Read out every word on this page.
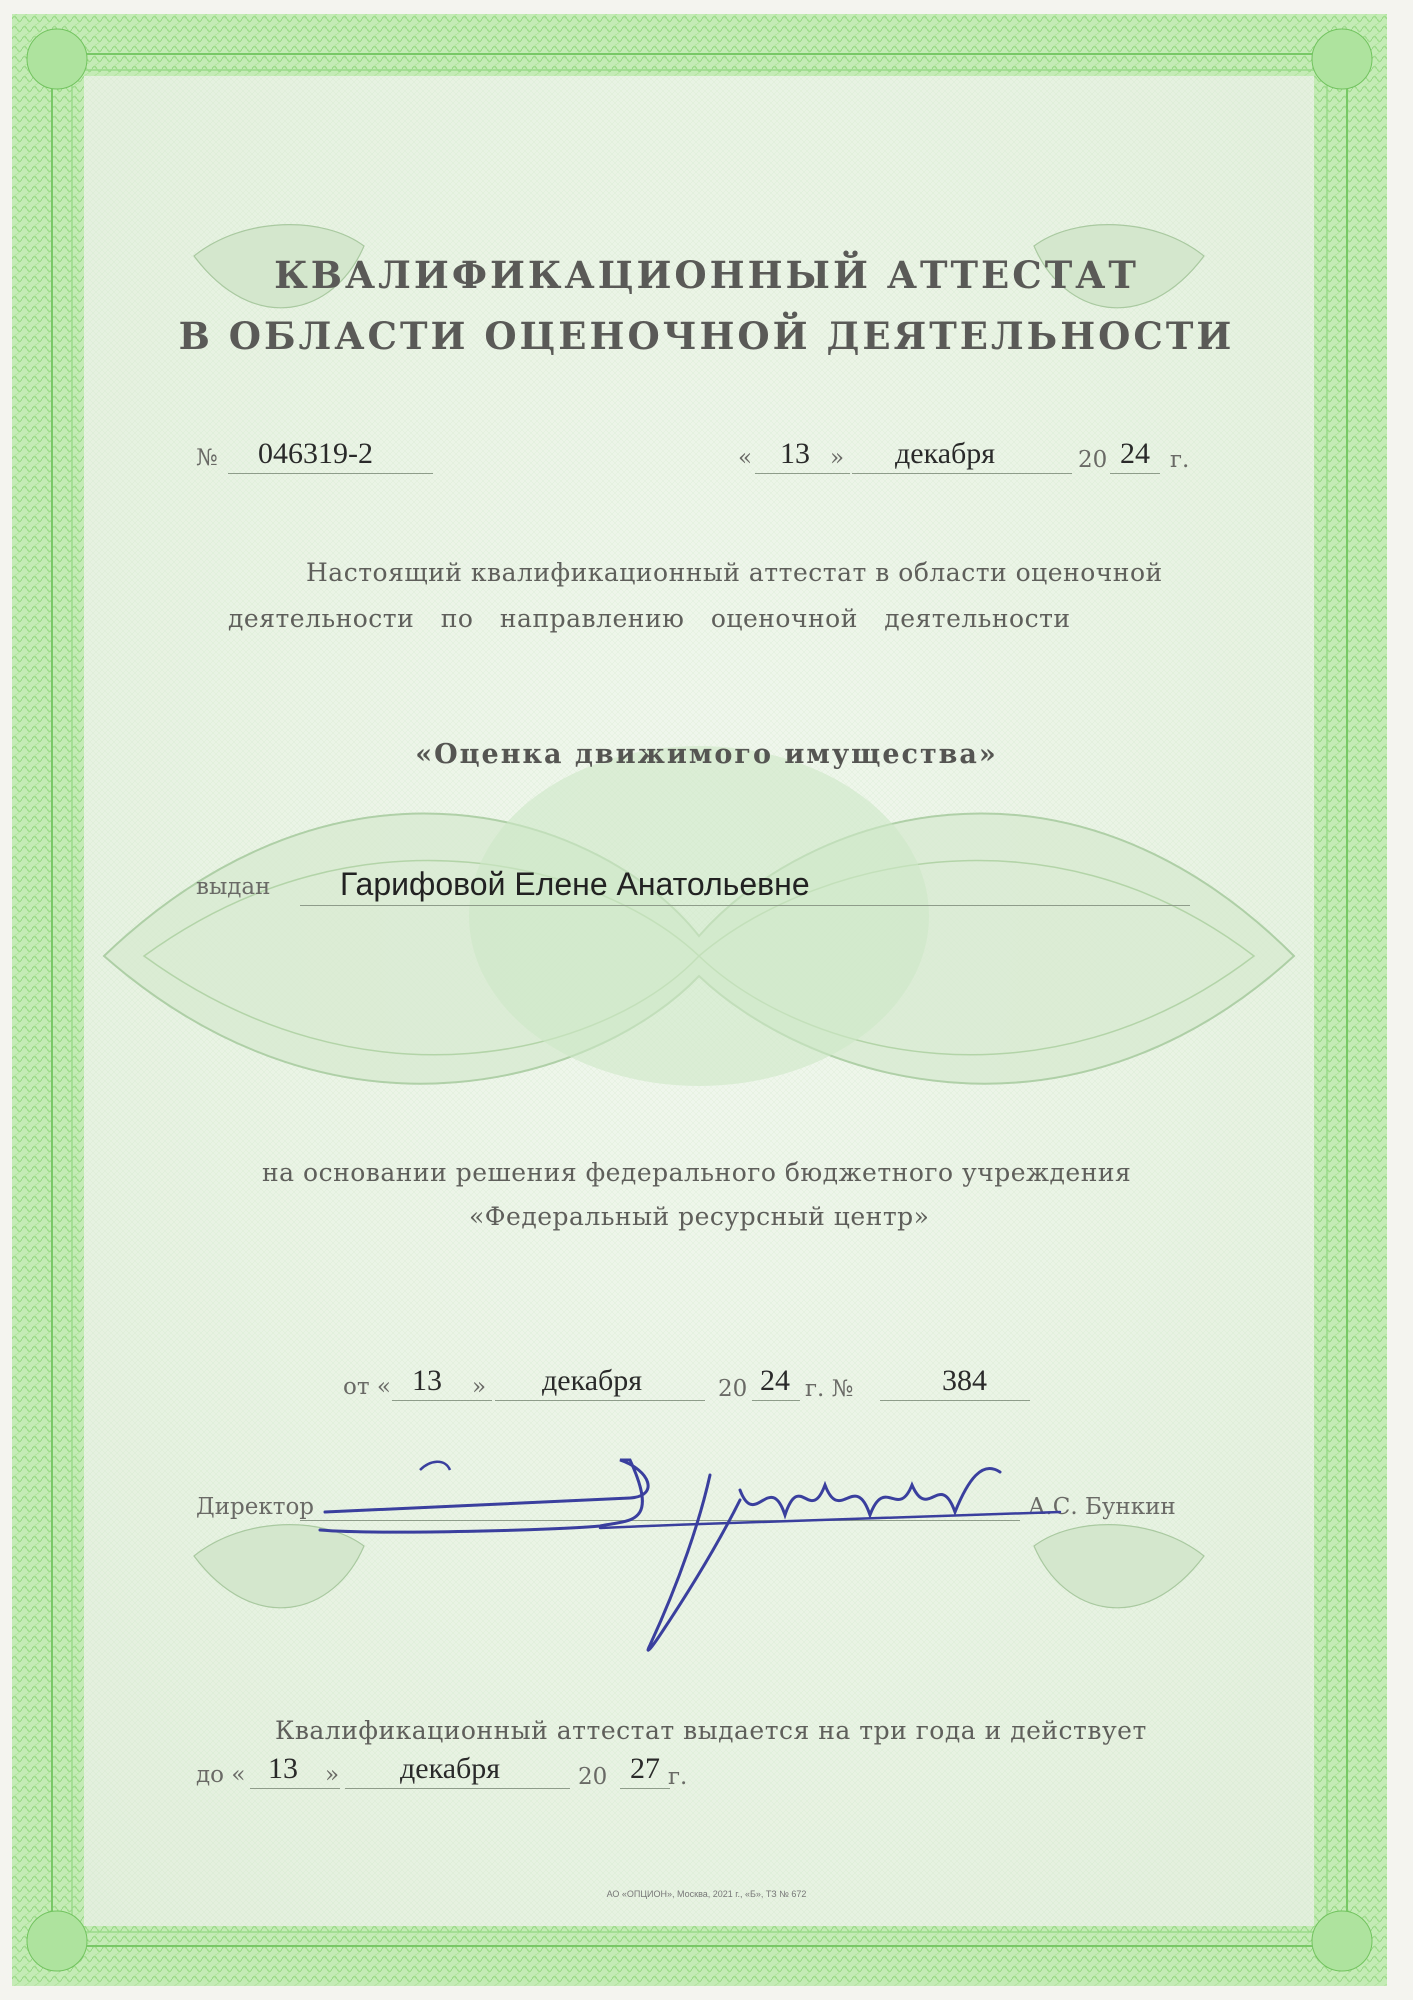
КВАЛИФИКАЦИОННЫЙ АТТЕСТАТ
В ОБЛАСТИ ОЦЕНОЧНОЙ ДЕЯТЕЛЬНОСТИ
№ 046319-2	« 13 » декабря	20 24 г.
Настоящий квалификационный аттестат в области оценочной
деятельности по направлению оценочной деятельности
«Оценка движимого имущества»
выдан Гарифовой Елене Анатольевне
на основании решения федерального бюджетного учреждения
«Федеральный ресурсный центр»
от « 13 » декабря	20 24 г. №	384
Директор	А.С. Бункин
Квалификационный аттестат выдается на три года и действует
до « 13 » декабря	20 27 г.
АО «ОПЦИОН», Москва, 2021 г., «Б», ТЗ № 672
